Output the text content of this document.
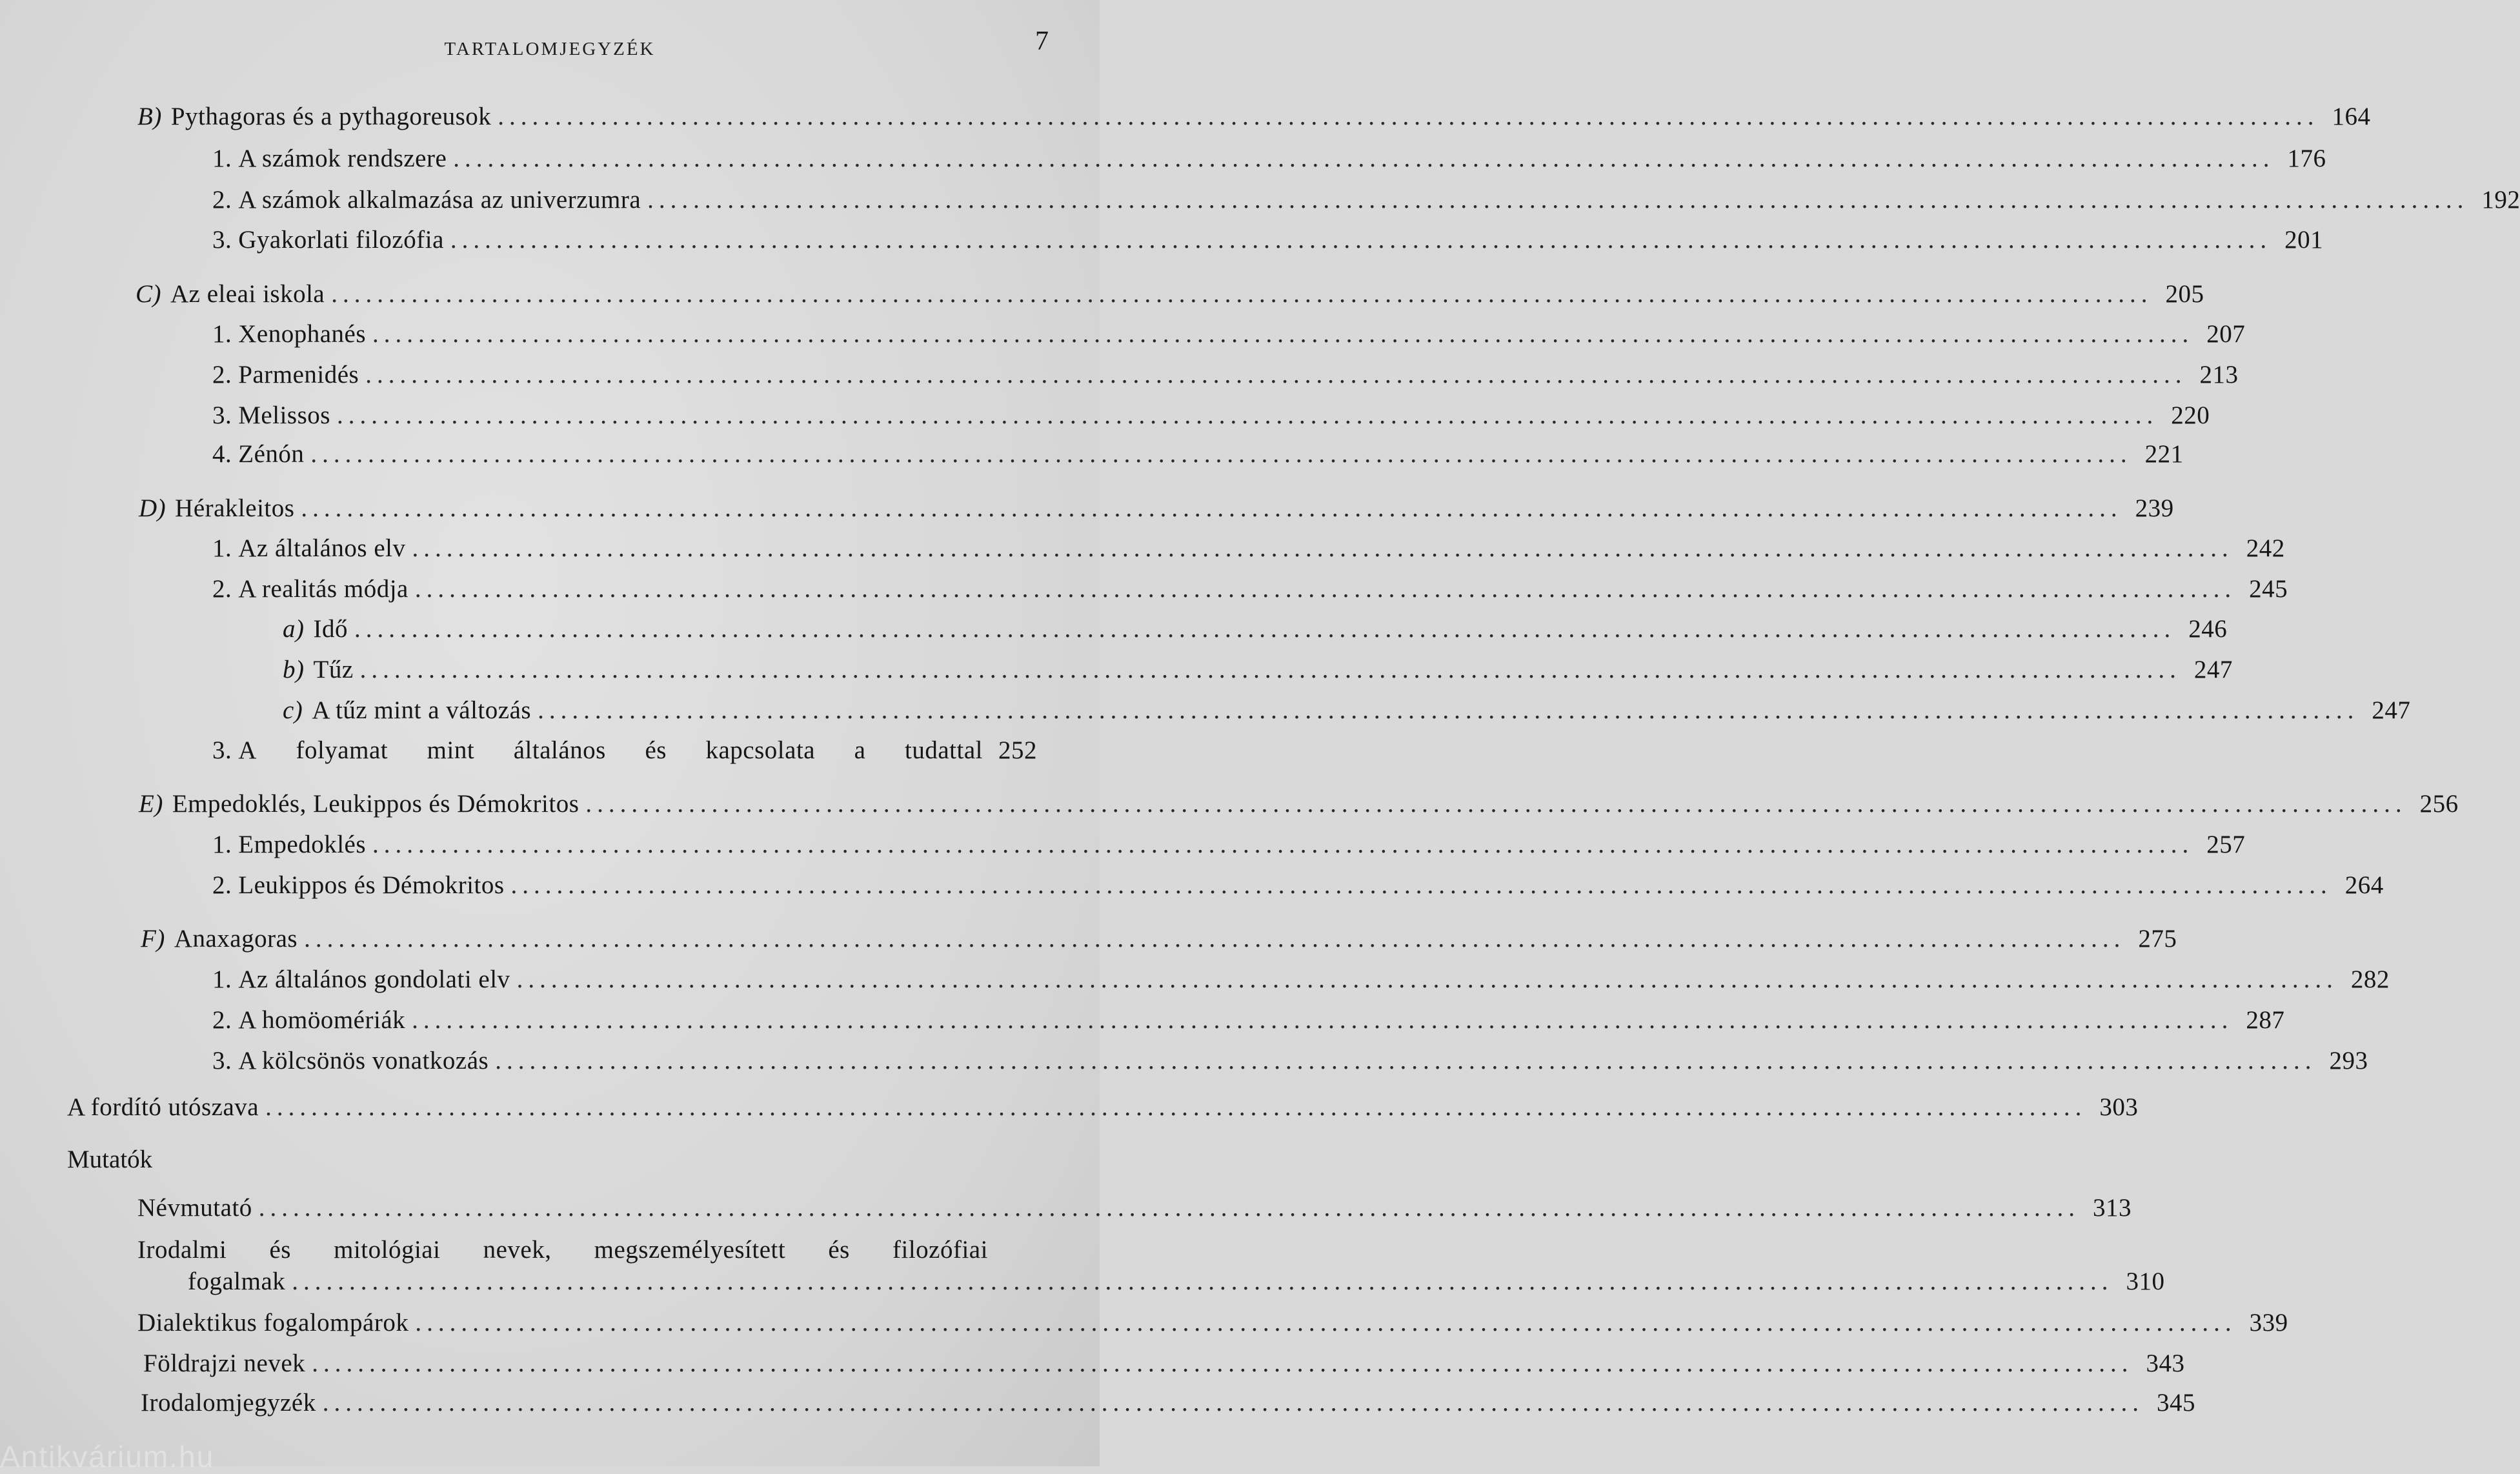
TARTALOMJEGYZÉK	7
B) Pythagoras és a pythagoreusok ............................................................................................................................................................... 164
1. A számok rendszere ............................................................................................................................................................... 176
2. A számok alkalmazása az univerzumra ............................................................................................................................................................... 192
3. Gyakorlati filozófia ............................................................................................................................................................... 201
C) Az eleai iskola ............................................................................................................................................................... 205
1. Xenophanés ............................................................................................................................................................... 207
2. Parmenidés ............................................................................................................................................................... 213
3. Melissos ............................................................................................................................................................... 220
4. Zénón ............................................................................................................................................................... 221
D) Hérakleitos ............................................................................................................................................................... 239
1. Az általános elv ............................................................................................................................................................... 242
2. A realitás módja ............................................................................................................................................................... 245
a) Idő ............................................................................................................................................................... 246
b) Tűz ............................................................................................................................................................... 247
c) A tűz mint a változás ............................................................................................................................................................... 247
3. A folyamat mint általános és kapcsolata a tudattal 252
E) Empedoklés, Leukippos és Démokritos ............................................................................................................................................................... 256
1. Empedoklés ............................................................................................................................................................... 257
2. Leukippos és Démokritos ............................................................................................................................................................... 264
F) Anaxagoras ............................................................................................................................................................... 275
1. Az általános gondolati elv ............................................................................................................................................................... 282
2. A homöomériák ............................................................................................................................................................... 287
3. A kölcsönös vonatkozás ............................................................................................................................................................... 293
A fordító utószava ............................................................................................................................................................... 303
Mutatók
Névmutató ............................................................................................................................................................... 313
Irodalmi és mitológiai nevek, megszemélyesített és filozófiai
fogalmak ............................................................................................................................................................... 310
Dialektikus fogalompárok ............................................................................................................................................................... 339
Földrajzi nevek ............................................................................................................................................................... 343
Irodalomjegyzék ............................................................................................................................................................... 345
Antikvárium.hu
